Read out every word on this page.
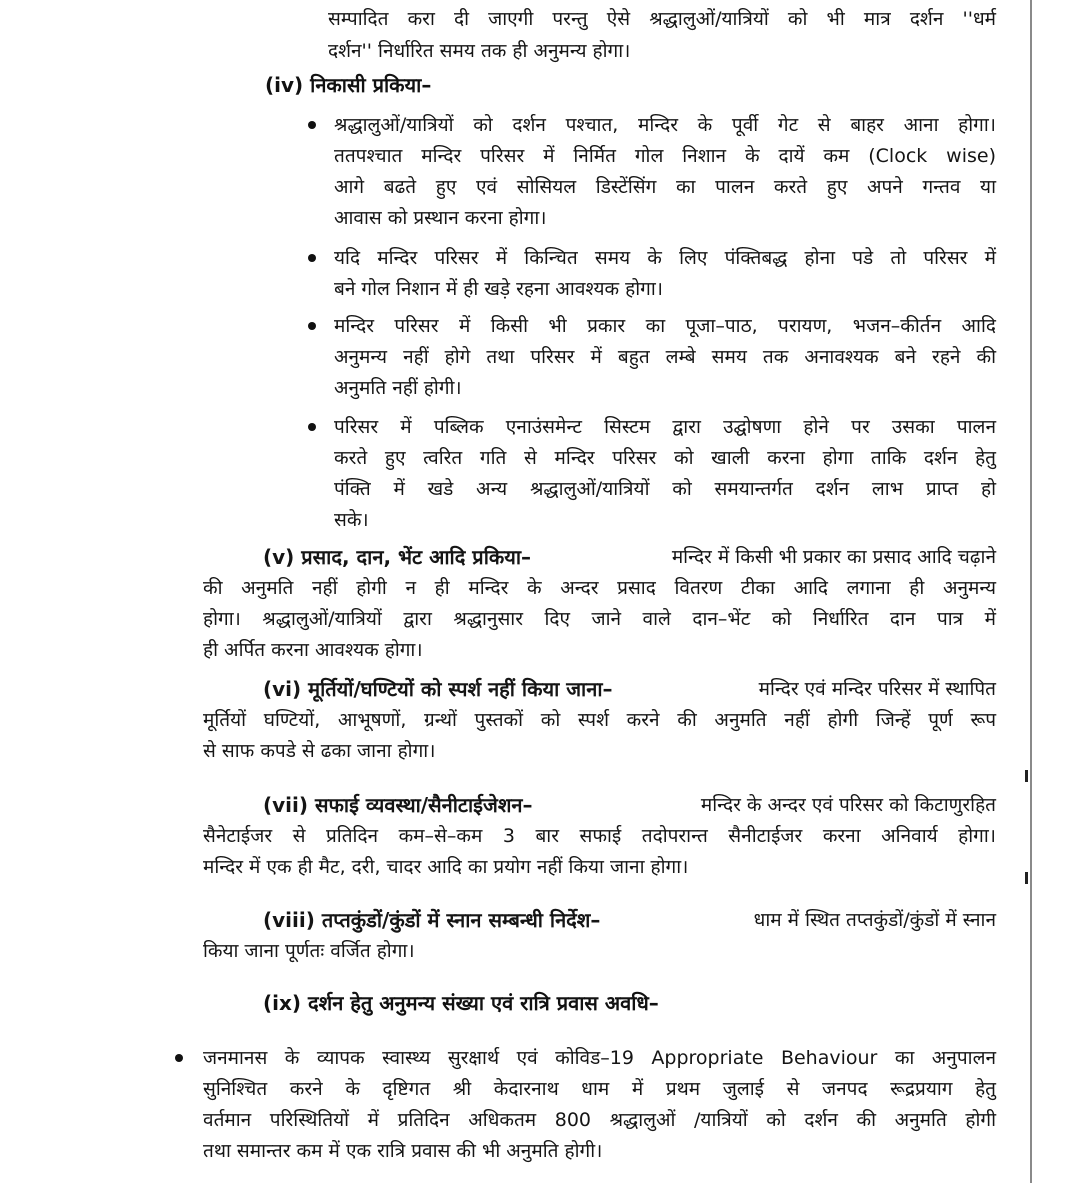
सम्पादित करा दी जाएगी परन्तु ऐसे श्रद्धालुओं/यात्रियों को भी मात्र दर्शन ''धर्म
दर्शन'' निर्धारित समय तक ही अनुमन्य होगा।
(iv) निकासी प्रकिया–
श्रद्धालुओं/यात्रियों को दर्शन पश्चात, मन्दिर के पूर्वी गेट से बाहर आना होगा।
ततपश्चात मन्दिर परिसर में निर्मित गोल निशान के दायें कम (Clock wise)
आगे बढते हुए एवं सोसियल डिस्टेंसिंग का पालन करते हुए अपने गन्तव या
आवास को प्रस्थान करना होगा।
यदि मन्दिर परिसर में किन्चित समय के लिए पंक्तिबद्ध होना पडे तो परिसर में
बने गोल निशान में ही खड़े रहना आवश्यक होगा।
मन्दिर परिसर में किसी भी प्रकार का पूजा–पाठ, परायण, भजन–कीर्तन आदि
अनुमन्य नहीं होगे तथा परिसर में बहुत लम्बे समय तक अनावश्यक बने रहने की
अनुमति नहीं होगी।
परिसर में पब्लिक एनाउंसमेन्ट सिस्टम द्वारा उद्घोषणा होने पर उसका पालन
करते हुए त्वरित गति से मन्दिर परिसर को खाली करना होगा ताकि दर्शन हेतु
पंक्ति में खडे अन्य श्रद्धालुओं/यात्रियों को समयान्तर्गत दर्शन लाभ प्राप्त हो
सके।
(v) प्रसाद, दान, भेंट आदि प्रकिया–	मन्दिर में किसी भी प्रकार का प्रसाद आदि चढ़ाने
की अनुमति नहीं होगी न ही मन्दिर के अन्दर प्रसाद वितरण टीका आदि लगाना ही अनुमन्य
होगा। श्रद्धालुओं/यात्रियों द्वारा श्रद्धानुसार दिए जाने वाले दान–भेंट को निर्धारित दान पात्र में
ही अर्पित करना आवश्यक होगा।
(vi) मूर्तियों/घण्टियों को स्पर्श नहीं किया जाना–	मन्दिर एवं मन्दिर परिसर में स्थापित
मूर्तियों घण्टियों, आभूषणों, ग्रन्थों पुस्तकों को स्पर्श करने की अनुमति नहीं होगी जिन्हें पूर्ण रूप
से साफ कपडे से ढका जाना होगा।
(vii) सफाई व्यवस्था/सैनीटाईजेशन–	मन्दिर के अन्दर एवं परिसर को किटाणुरहित
सैनेटाईजर से प्रतिदिन कम–से–कम 3 बार सफाई तदोपरान्त सैनीटाईजर करना अनिवार्य होगा।
मन्दिर में एक ही मैट, दरी, चादर आदि का प्रयोग नहीं किया जाना होगा।
(viii) तप्तकुंडों/कुंडों में स्नान सम्बन्धी निर्देश–	धाम में स्थित तप्तकुंडों/कुंडों में स्नान
किया जाना पूर्णतः वर्जित होगा।
(ix) दर्शन हेतु अनुमन्य संख्या एवं रात्रि प्रवास अवधि–
जनमानस के व्यापक स्वास्थ्य सुरक्षार्थ एवं कोविड–19 Appropriate Behaviour का अनुपालन
सुनिश्चित करने के दृष्टिगत श्री केदारनाथ धाम में प्रथम जुलाई से जनपद रूद्रप्रयाग हेतु
वर्तमान परिस्थितियों में प्रतिदिन अधिकतम 800 श्रद्धालुओं /यात्रियों को दर्शन की अनुमति होगी
तथा समान्तर कम में एक रात्रि प्रवास की भी अनुमति होगी।
